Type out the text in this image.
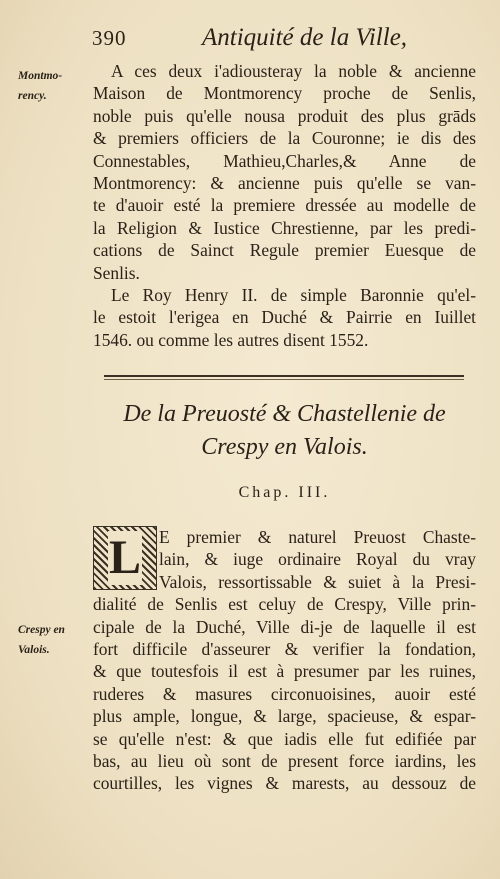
390	Antiquité de la Ville,
Montmo-rency.
A ces deux i'adiousteray la noble & ancienne
Maison de Montmorency proche de Senlis,
noble puis qu'elle nousa produit des plus grāds
& premiers officiers de la Couronne; ie dis des
Connestables, Mathieu,Charles,& Anne de
Montmorency: & ancienne puis qu'elle se van-
te d'auoir esté la premiere dressée au modelle de
la Religion & Iustice Chrestienne, par les predi-
cations de Sainct Regule premier Euesque de
Senlis.
Le Roy Henry II. de simple Baronnie qu'el-
le estoit l'erigea en Duché & Pairrie en Iuillet
1546. ou comme les autres disent 1552.
De la Preuosté & Chastellenie de
Crespy en Valois.
Chap. III.
L
Crespy en Valois.
E premier & naturel Preuost Chaste-
lain, & iuge ordinaire Royal du vray
Valois, ressortissable & suiet à la Presi-
dialité de Senlis est celuy de Crespy, Ville prin-
cipale de la Duché, Ville di-je de laquelle il est
fort difficile d'asseurer & verifier la fondation,
& que toutesfois il est à presumer par les ruines,
ruderes & masures circonuoisines, auoir esté
plus ample, longue, & large, spacieuse, & espar-
se qu'elle n'est: & que iadis elle fut edifiée par
bas, au lieu où sont de present force iardins, les
courtilles, les vignes & marests, au dessouz de
